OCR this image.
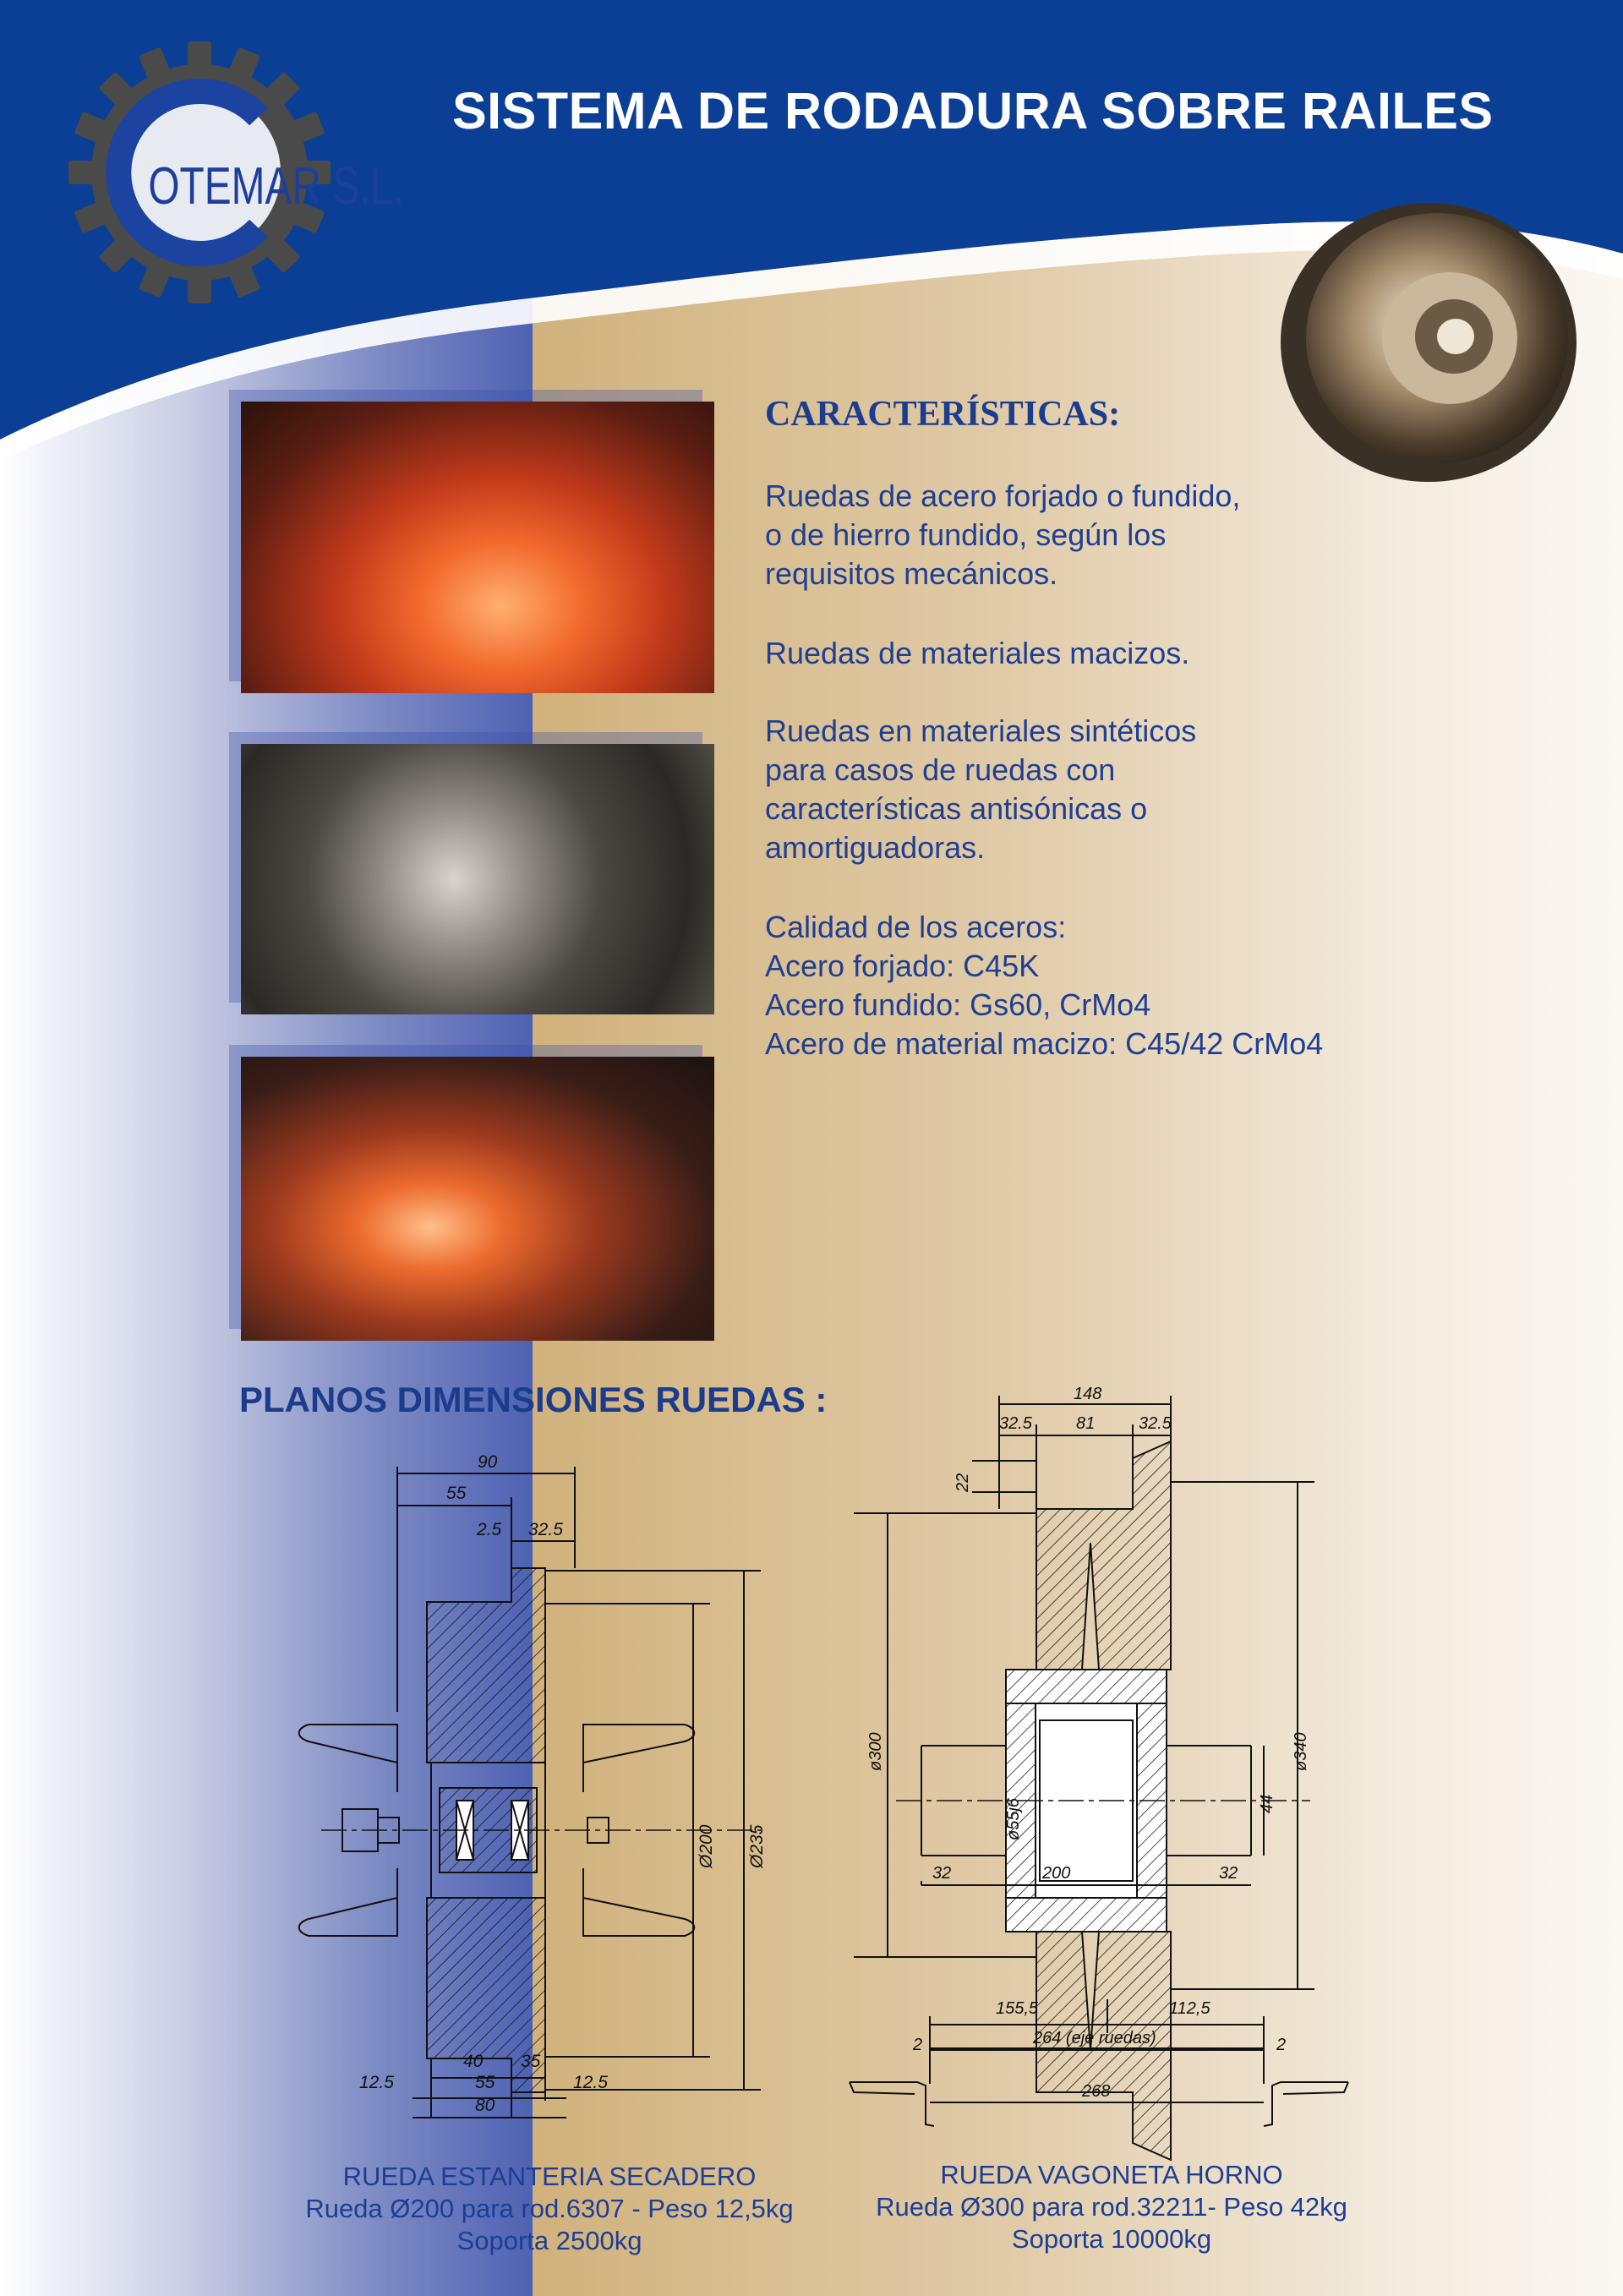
SISTEMA DE RODADURA SOBRE RAILES
OTEMAR S.L.
CARACTERÍSTICAS:

Ruedas de acero forjado o fundido,
o de hierro fundido, según los
requisitos mecánicos.

Ruedas de materiales macizos.

Ruedas en materiales sintéticos
para casos de ruedas con
características antisónicas o
amortiguadoras.

Calidad de los aceros:
Acero forjado: C45K
Acero fundido: Gs60, CrMo4
Acero de material macizo: C45/42 CrMo4

PLANOS DIMENSIONES RUEDAS :
90
55
2.5 32.5
Ø200 Ø235
40 35
12.5	55	12.5
80
148
32.5	81	32.5
22
ø300
ø55j6	44
ø340
32	200	32
155,5	112,5
264 (eje ruedas)
2	2
268
RUEDA ESTANTERIA SECADERO
Rueda Ø200 para rod.6307 - Peso 12,5kg
Soporta 2500kg
RUEDA VAGONETA HORNO
Rueda Ø300 para rod.32211- Peso 42kg
Soporta 10000kg
